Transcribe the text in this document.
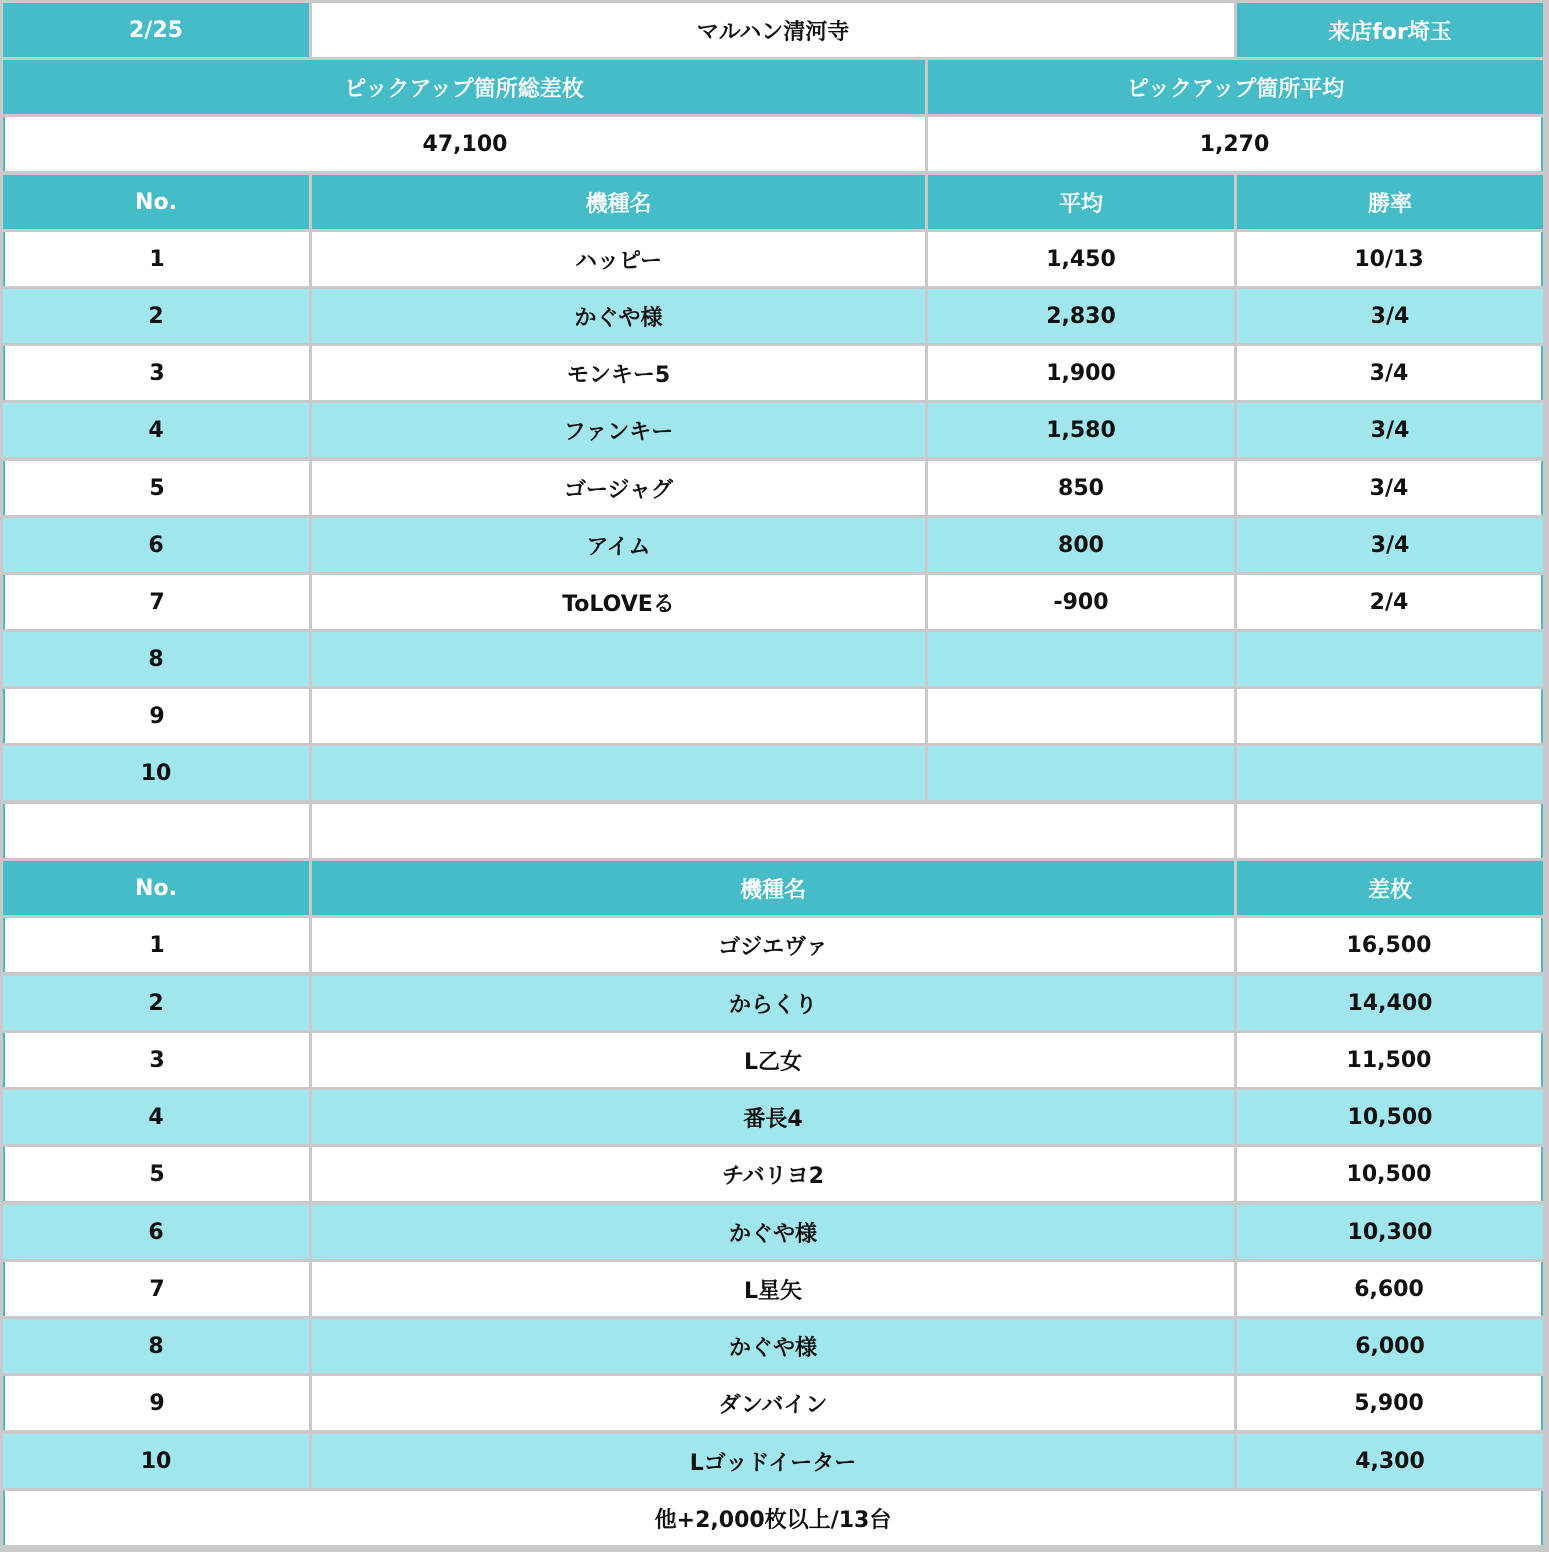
2/25	マルハン清河寺	来店for埼玉
ピックアップ箇所総差枚	ピックアップ箇所平均
47,100	1,270
No.	機種名	平均	勝率
1	ハッピー	1,450	10/13
2	かぐや様	2,830	3/4
3	モンキー5	1,900	3/4
4	ファンキー	1,580	3/4
5	ゴージャグ	850	3/4
6	アイム	800	3/4
7	ToLOVEる	-900	2/4
8
9
10
No.	機種名	差枚
1	ゴジエヴァ	16,500
2	からくり	14,400
3	L乙女	11,500
4	番長4	10,500
5	チバリヨ2	10,500
6	かぐや様	10,300
7	L星矢	6,600
8	かぐや様	6,000
9	ダンバイン	5,900
10	Lゴッドイーター	4,300
他+2,000枚以上/13台
